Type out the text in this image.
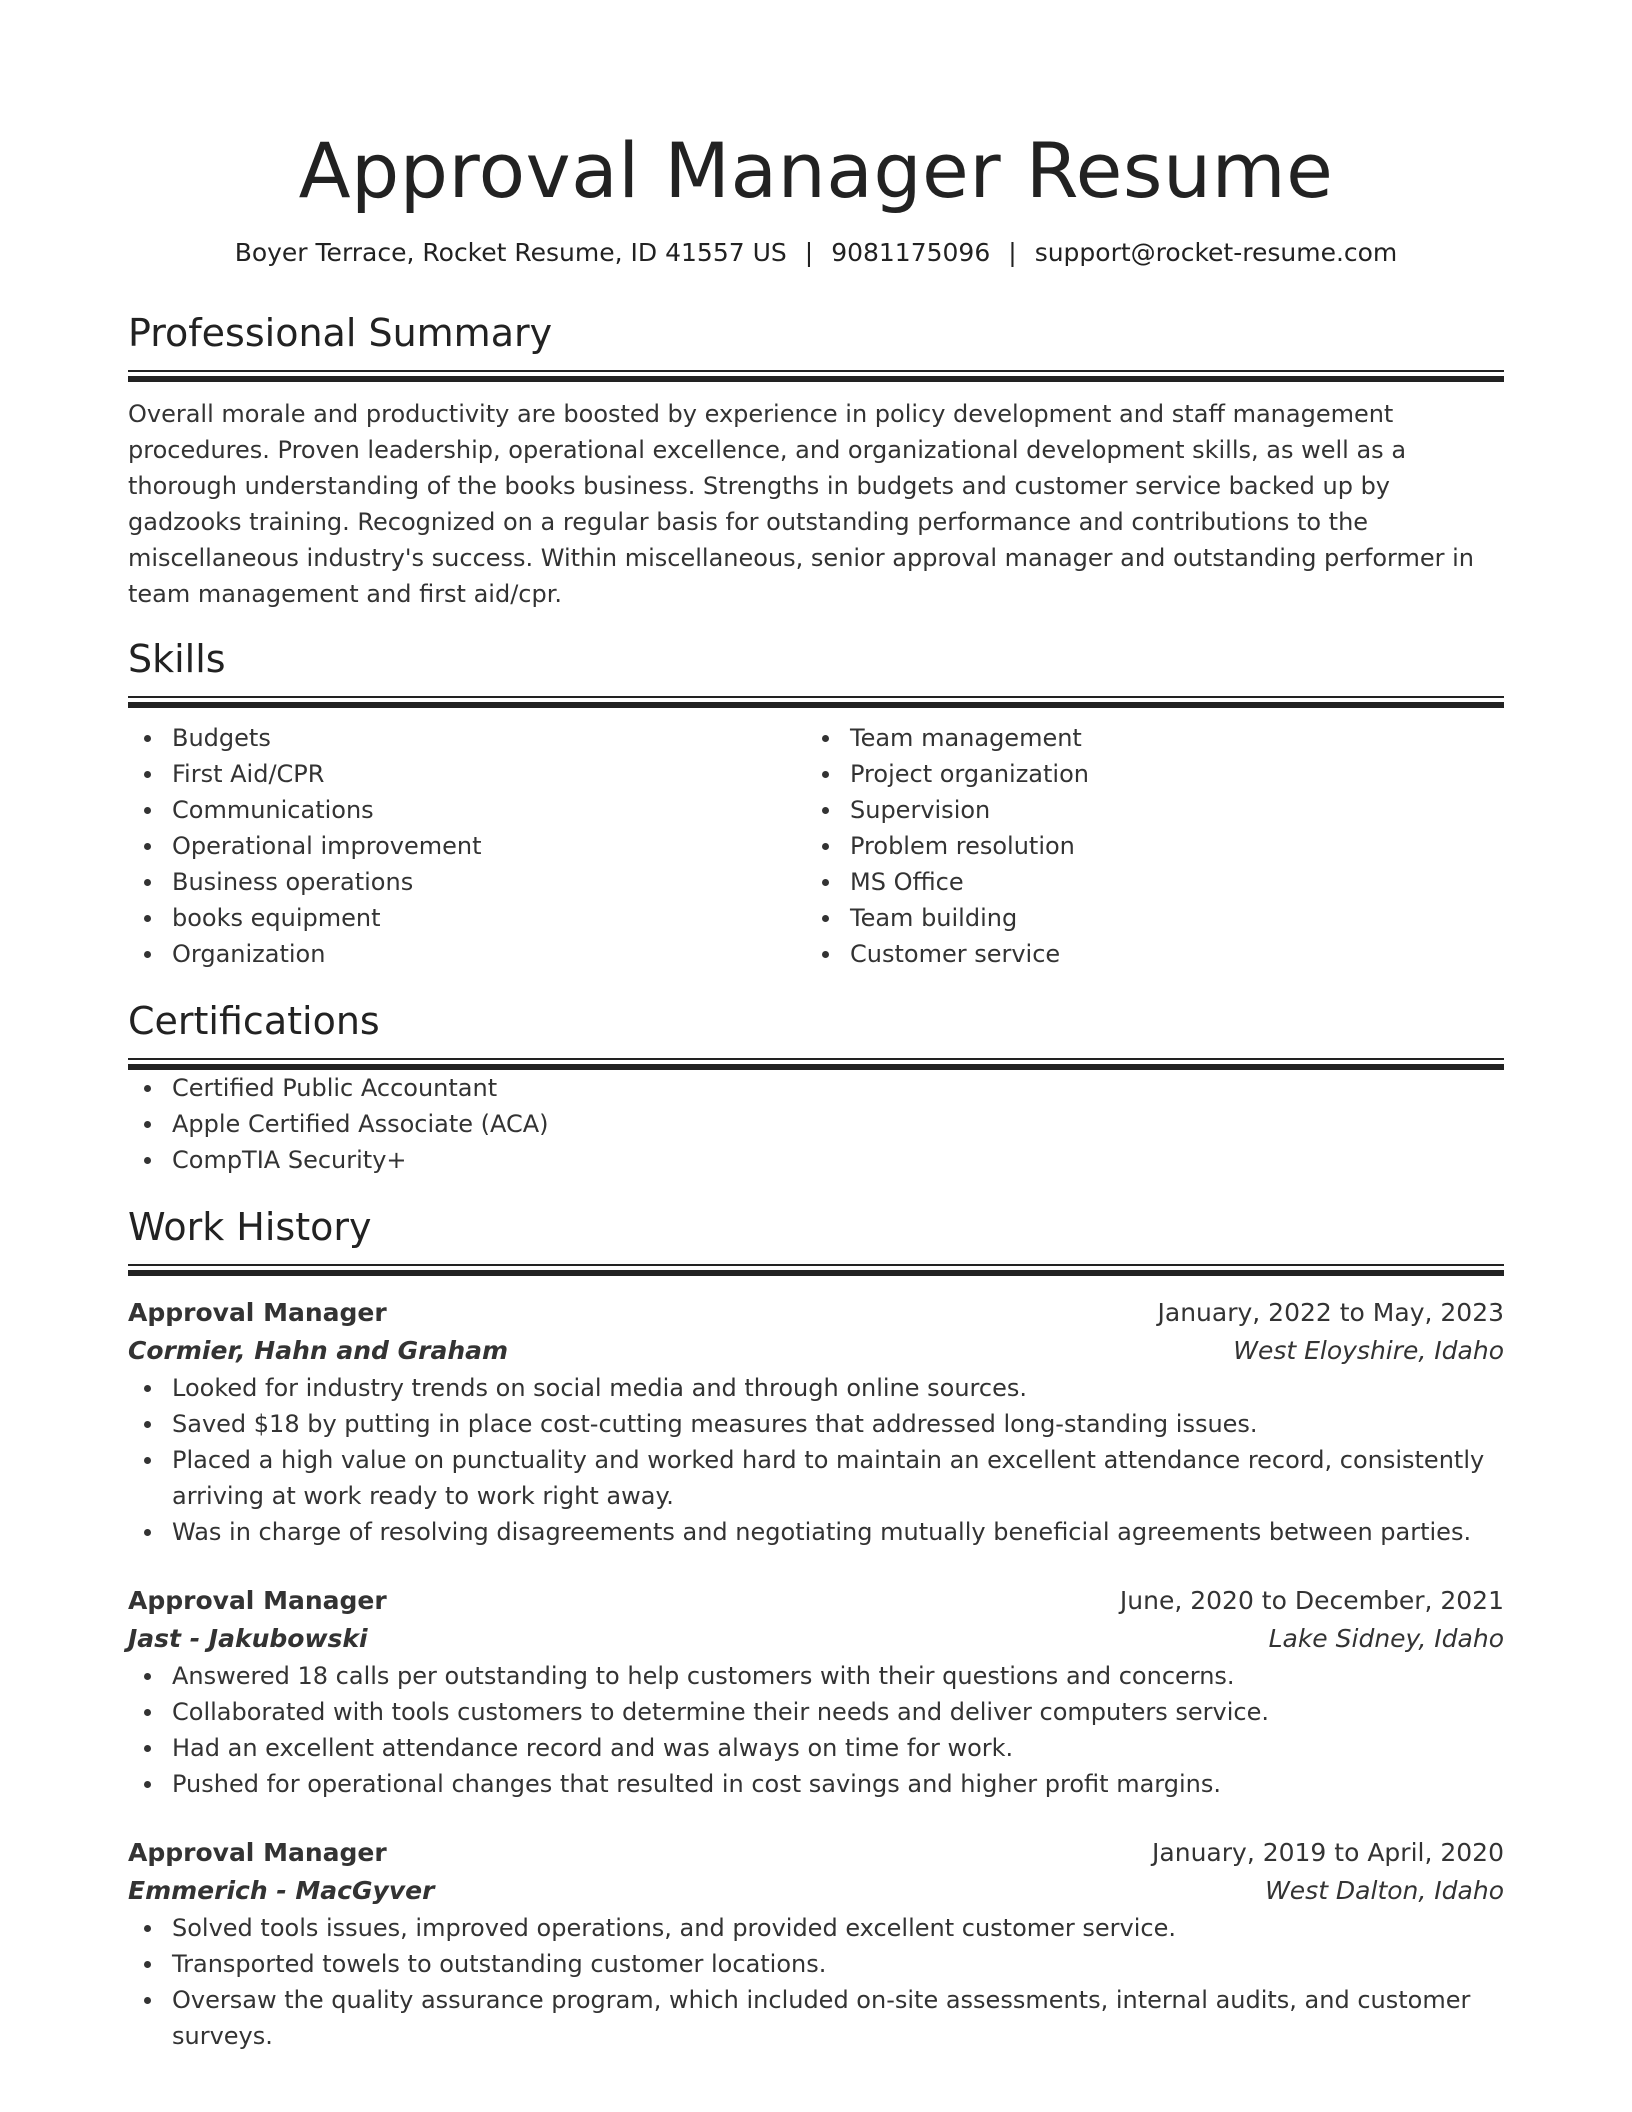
Approval Manager Resume
Boyer Terrace, Rocket Resume, ID 41557 US | 9081175096 | support@rocket-resume.com
Professional Summary

Overall morale and productivity are boosted by experience in policy development and staff management procedures. Proven leadership, operational excellence, and organizational development skills, as well as a thorough understanding of the books business. Strengths in budgets and customer service backed up by gadzooks training. Recognized on a regular basis for outstanding performance and contributions to the miscellaneous industry's success. Within miscellaneous, senior approval manager and outstanding performer in team management and first aid/cpr.

Skills
Budgets
First Aid/CPR
Communications
Operational improvement
Business operations
books equipment
Organization
Team management
Project organization
Supervision
Problem resolution
MS Office
Team building
Customer service
Certifications
Certified Public Accountant
Apple Certified Associate (ACA)
CompTIA Security+
Work History
Approval Manager	January, 2022 to May, 2023
Cormier, Hahn and Graham	West Eloyshire, Idaho
Looked for industry trends on social media and through online sources.
Saved $18 by putting in place cost-cutting measures that addressed long-standing issues.
Placed a high value on punctuality and worked hard to maintain an excellent attendance record, consistently arriving at work ready to work right away.
Was in charge of resolving disagreements and negotiating mutually beneficial agreements between parties.
Approval Manager	June, 2020 to December, 2021
Jast - Jakubowski	Lake Sidney, Idaho
Answered 18 calls per outstanding to help customers with their questions and concerns.
Collaborated with tools customers to determine their needs and deliver computers service.
Had an excellent attendance record and was always on time for work.
Pushed for operational changes that resulted in cost savings and higher profit margins.
Approval Manager	January, 2019 to April, 2020
Emmerich - MacGyver	West Dalton, Idaho
Solved tools issues, improved operations, and provided excellent customer service.
Transported towels to outstanding customer locations.
Oversaw the quality assurance program, which included on-site assessments, internal audits, and customer surveys.
